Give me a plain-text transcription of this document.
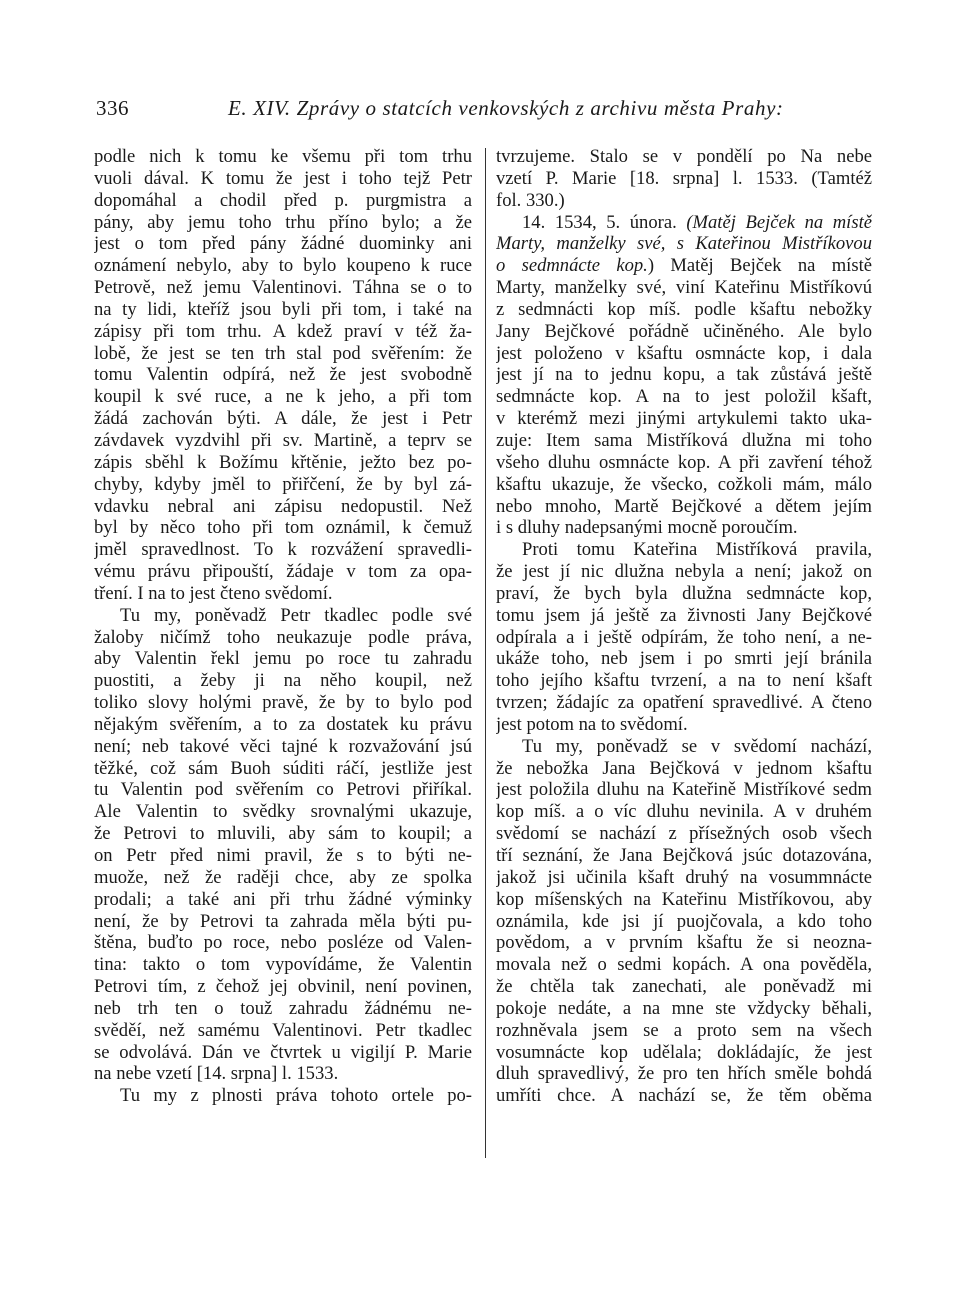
336	E. XIV. Zprávy o statcích venkovských z archivu města Prahy:
podle nich k tomu ke všemu při tom trhu
vuoli dával. K tomu že jest i toho tejž Petr
dopomáhal a chodil před p. purgmistra a
pány, aby jemu toho trhu příno bylo; a že
jest o tom před pány žádné duominky ani
oznámení nebylo, aby to bylo koupeno k ruce
Petrově, než jemu Valentinovi. Táhna se o to
na ty lidi, kteříž jsou byli při tom, i také na
zápisy při tom trhu. A kdež praví v též ža-
lobě, že jest se ten trh stal pod svěřením: že
tomu Valentin odpírá, než že jest svobodně
koupil k své ruce, a ne k jeho, a při tom
žádá zachován býti. A dále, že jest i Petr
závdavek vyzdvihl při sv. Martině, a teprv se
zápis sběhl k Božímu křtěnie, ježto bez po-
chyby, kdyby jměl to přiřčení, že by byl zá-
vdavku nebral ani zápisu nedopustil. Než
byl by něco toho při tom oznámil, k čemuž
jměl spravedlnost. To k rozvážení spravedli-
vému právu připouští, žádaje v tom za opa-
tření. I na to jest čteno svědomí.
Tu my, poněvadž Petr tkadlec podle své
žaloby ničímž toho neukazuje podle práva,
aby Valentin řekl jemu po roce tu zahradu
puostiti, a žeby ji na něho koupil, než
toliko slovy holými pravě, že by to bylo pod
nějakým svěřením, a to za dostatek ku právu
není; neb takové věci tajné k rozvažování jsú
těžké, což sám Buoh súditi ráčí, jestliže jest
tu Valentin pod svěřením co Petrovi přiříkal.
Ale Valentin to svědky srovnalými ukazuje,
že Petrovi to mluvili, aby sám to koupil; a
on Petr před nimi pravil, že s to býti ne-
muože, než že raději chce, aby ze spolka
prodali; a také ani při trhu žádné výminky
není, že by Petrovi ta zahrada měla býti pu-
štěna, buďto po roce, nebo posléze od Valen-
tina: takto o tom vypovídáme, že Valentin
Petrovi tím, z čehož jej obvinil, není povinen,
neb trh ten o touž zahradu žádnému ne-
svěděí, než samému Valentinovi. Petr tkadlec
se odvolává. Dán ve čtvrtek u vigiljí P. Marie
na nebe vzetí [14. srpna] l. 1533.
Tu my z plnosti práva tohoto ortele po-
tvrzujeme. Stalo se v pondělí po Na nebe
vzetí P. Marie [18. srpna] l. 1533. (Tamtéž
fol. 330.)
14. 1534, 5. února. (Matěj Bejček na místě
Marty, manželky své, s Kateřinou Mistříkovou
o sedmnácte kop.) Matěj Bejček na místě
Marty, manželky své, viní Kateřinu Mistříkovú
z sedmnácti kop míš. podle kšaftu nebožky
Jany Bejčkové pořádně učiněného. Ale bylo
jest položeno v kšaftu osmnácte kop, i dala
jest jí na to jednu kopu, a tak zůstává ještě
sedmnácte kop. A na to jest položil kšaft,
v kterémž mezi jinými artykulemi takto uka-
zuje: Item sama Mistříková dlužna mi toho
všeho dluhu osmnácte kop. A při zavření téhož
kšaftu ukazuje, že všecko, cožkoli mám, málo
nebo mnoho, Martě Bejčkové a dětem jejím
i s dluhy nadepsanými mocně poroučím.
Proti tomu Kateřina Mistříková pravila,
že jest jí nic dlužna nebyla a není; jakož on
praví, že bych byla dlužna sedmnácte kop,
tomu jsem já ještě za živnosti Jany Bejčkové
odpírala a i ještě odpírám, že toho není, a ne-
ukáže toho, neb jsem i po smrti její bránila
toho jejího kšaftu tvrzení, a na to není kšaft
tvrzen; žádajíc za opatření spravedlivé. A čteno
jest potom na to svědomí.
Tu my, poněvadž se v svědomí nachází,
že nebožka Jana Bejčková v jednom kšaftu
jest položila dluhu na Kateřině Mistříkové sedm
kop míš. a o víc dluhu nevinila. A v druhém
svědomí se nachází z přísežných osob všech
tří seznání, že Jana Bejčková jsúc dotazována,
jakož jsi učinila kšaft druhý na vosummnácte
kop míšenských na Kateřinu Mistříkovou, aby
oznámila, kde jsi jí puojčovala, a kdo toho
povědom, a v prvním kšaftu že si neozna-
movala než o sedmi kopách. A ona pověděla,
že chtěla tak zanechati, ale poněvadž mi
pokoje nedáte, a na mne ste vždycky běhali,
rozhněvala jsem se a proto sem na všech
vosumnácte kop udělala; dokládajíc, že jest
dluh spravedlivý, že pro ten hřích směle bohdá
umříti chce. A nachází se, že těm oběma
